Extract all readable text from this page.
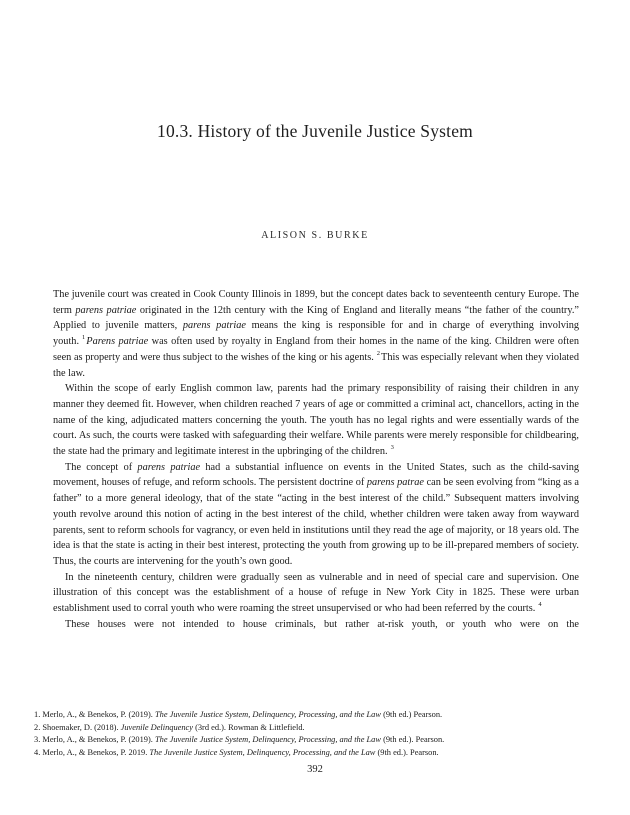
10.3. History of the Juvenile Justice System
ALISON S. BURKE

The juvenile court was created in Cook County Illinois in 1899, but the concept dates back to seventeenth century Europe. The term parens patriae originated in the 12th century with the King of England and literally means “the father of the country.” Applied to juvenile matters, parens patriae means the king is responsible for and in charge of everything involving youth. $^1$Parens patriae was often used by royalty in England from their homes in the name of the king. Children were often seen as property and were thus subject to the wishes of the king or his agents. $^2$This was especially relevant when they violated the law.

Within the scope of early English common law, parents had the primary responsibility of raising their children in any manner they deemed fit. However, when children reached 7 years of age or committed a criminal act, chancellors, acting in the name of the king, adjudicated matters concerning the youth. The youth has no legal rights and were essentially wards of the court. As such, the courts were tasked with safeguarding their welfare. While parents were merely responsible for childbearing, the state had the primary and legitimate interest in the upbringing of the children. $^3$

The concept of parens patriae had a substantial influence on events in the United States, such as the child-saving movement, houses of refuge, and reform schools. The persistent doctrine of parens patrae can be seen evolving from “king as a father” to a more general ideology, that of the state “acting in the best interest of the child.” Subsequent matters involving youth revolve around this notion of acting in the best interest of the child, whether children were taken away from wayward parents, sent to reform schools for vagrancy, or even held in institutions until they read the age of majority, or 18 years old. The idea is that the state is acting in their best interest, protecting the youth from growing up to be ill-prepared members of society. Thus, the courts are intervening for the youth’s own good.

In the nineteenth century, children were gradually seen as vulnerable and in need of special care and supervision. One illustration of this concept was the establishment of a house of refuge in New York City in 1825. These were urban establishment used to corral youth who were roaming the street unsupervised or who had been referred by the courts. $^4$

These houses were not intended to house criminals, but rather at-risk youth, or youth who were on the

1. Merlo, A., & Benekos, P. (2019). The Juvenile Justice System, Delinquency, Processing, and the Law (9th ed.) Pearson.
2. Shoemaker, D. (2018). Juvenile Delinquency (3rd ed.). Rowman & Littlefield.
3. Merlo, A., & Benekos, P. (2019). The Juvenile Justice System, Delinquency, Processing, and the Law (9th ed.). Pearson.
4. Merlo, A., & Benekos, P. 2019. The Juvenile Justice System, Delinquency, Processing, and the Law (9th ed.). Pearson.
392
